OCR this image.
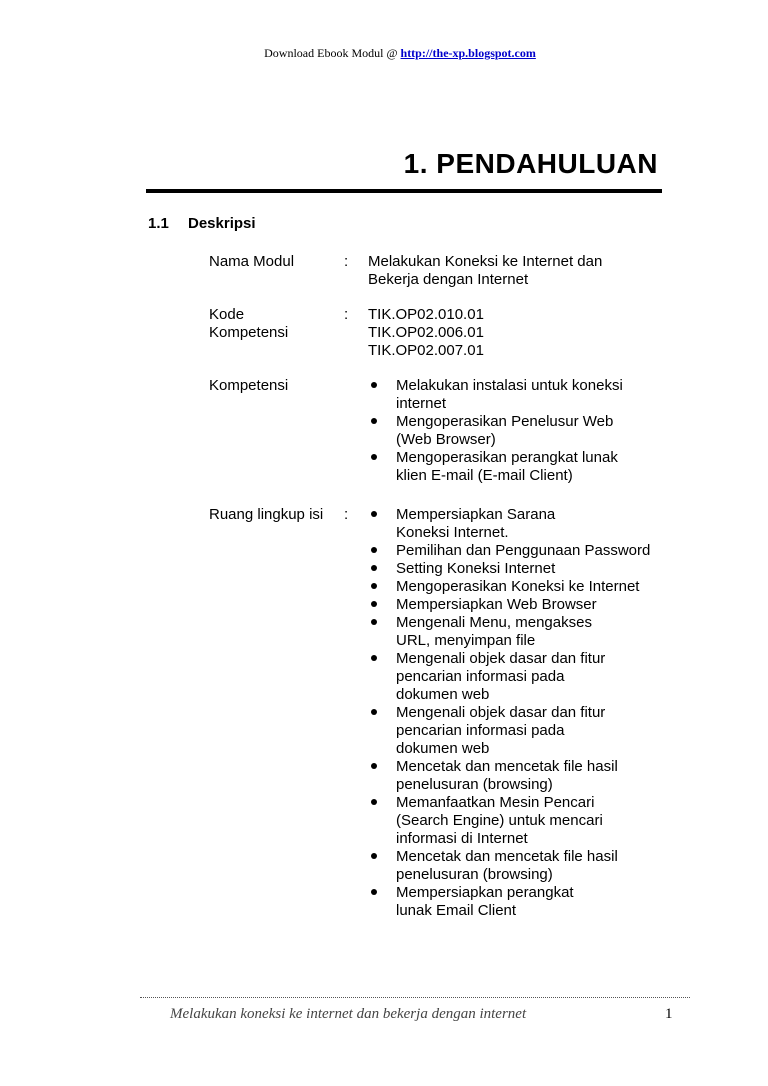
Download Ebook Modul @ http://the-xp.blogspot.com
1. PENDAHULUAN
1.1 Deskripsi
Nama Modul	: Melakukan Koneksi ke Internet dan
Bekerja dengan Internet
Kode
Kompetensi
: TIK.OP02.010.01
TIK.OP02.006.01
TIK.OP02.007.01
Kompetensi	Melakukan instalasi untuk koneksi internet
Mengoperasikan Penelusur Web (Web Browser)
Mengoperasikan perangkat lunak klien E-mail (E-mail Client)
Ruang lingkup isi :	Mempersiapkan Sarana Koneksi Internet.
Pemilihan dan Penggunaan Password
Setting Koneksi Internet
Mengoperasikan Koneksi ke Internet
Mempersiapkan Web Browser
Mengenali Menu, mengakses URL, menyimpan file
Mengenali objek dasar dan fitur pencarian informasi pada dokumen web
Mengenali objek dasar dan fitur pencarian informasi pada dokumen web
Mencetak dan mencetak file hasil penelusuran (browsing)
Memanfaatkan Mesin Pencari (Search Engine) untuk mencari informasi di Internet
Mencetak dan mencetak file hasil penelusuran (browsing)
Mempersiapkan perangkat lunak Email Client
Melakukan koneksi ke internet dan bekerja dengan internet	1
